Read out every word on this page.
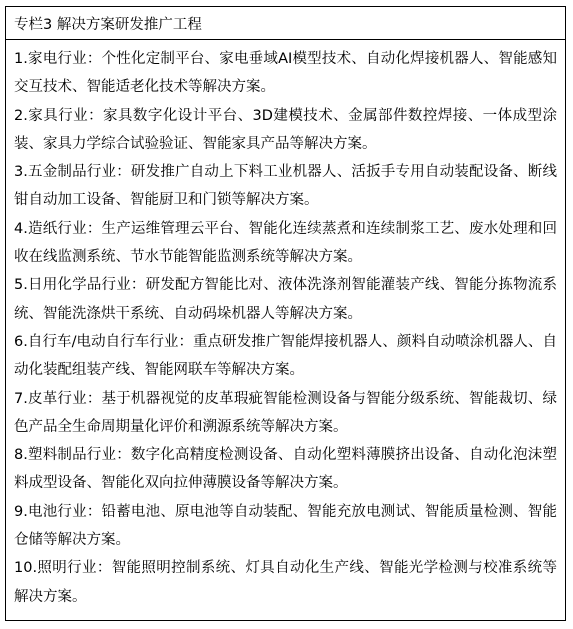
专栏3 解决方案研发推广工程
1.家电行业：个性化定制平台、家电垂域AI模型技术、自动化焊接机器人、智能感知交互技术、智能适老化技术等解决方案。
2.家具行业：家具数字化设计平台、3D建模技术、金属部件数控焊接、一体成型涂装、家具力学综合试验验证、智能家具产品等解决方案。
3.五金制品行业：研发推广自动上下料工业机器人、活扳手专用自动装配设备、断线钳自动加工设备、智能厨卫和门锁等解决方案。
4.造纸行业：生产运维管理云平台、智能化连续蒸煮和连续制浆工艺、废水处理和回收在线监测系统、节水节能智能监测系统等解决方案。
5.日用化学品行业：研发配方智能比对、液体洗涤剂智能灌装产线、智能分拣物流系统、智能洗涤烘干系统、自动码垛机器人等解决方案。
6.自行车/电动自行车行业：重点研发推广智能焊接机器人、颜料自动喷涂机器人、自动化装配组装产线、智能网联车等解决方案。
7.皮革行业：基于机器视觉的皮革瑕疵智能检测设备与智能分级系统、智能裁切、绿色产品全生命周期量化评价和溯源系统等解决方案。
8.塑料制品行业：数字化高精度检测设备、自动化塑料薄膜挤出设备、自动化泡沫塑料成型设备、智能化双向拉伸薄膜设备等解决方案。
9.电池行业：铅蓄电池、原电池等自动装配、智能充放电测试、智能质量检测、智能仓储等解决方案。
10.照明行业：智能照明控制系统、灯具自动化生产线、智能光学检测与校准系统等解决方案。
